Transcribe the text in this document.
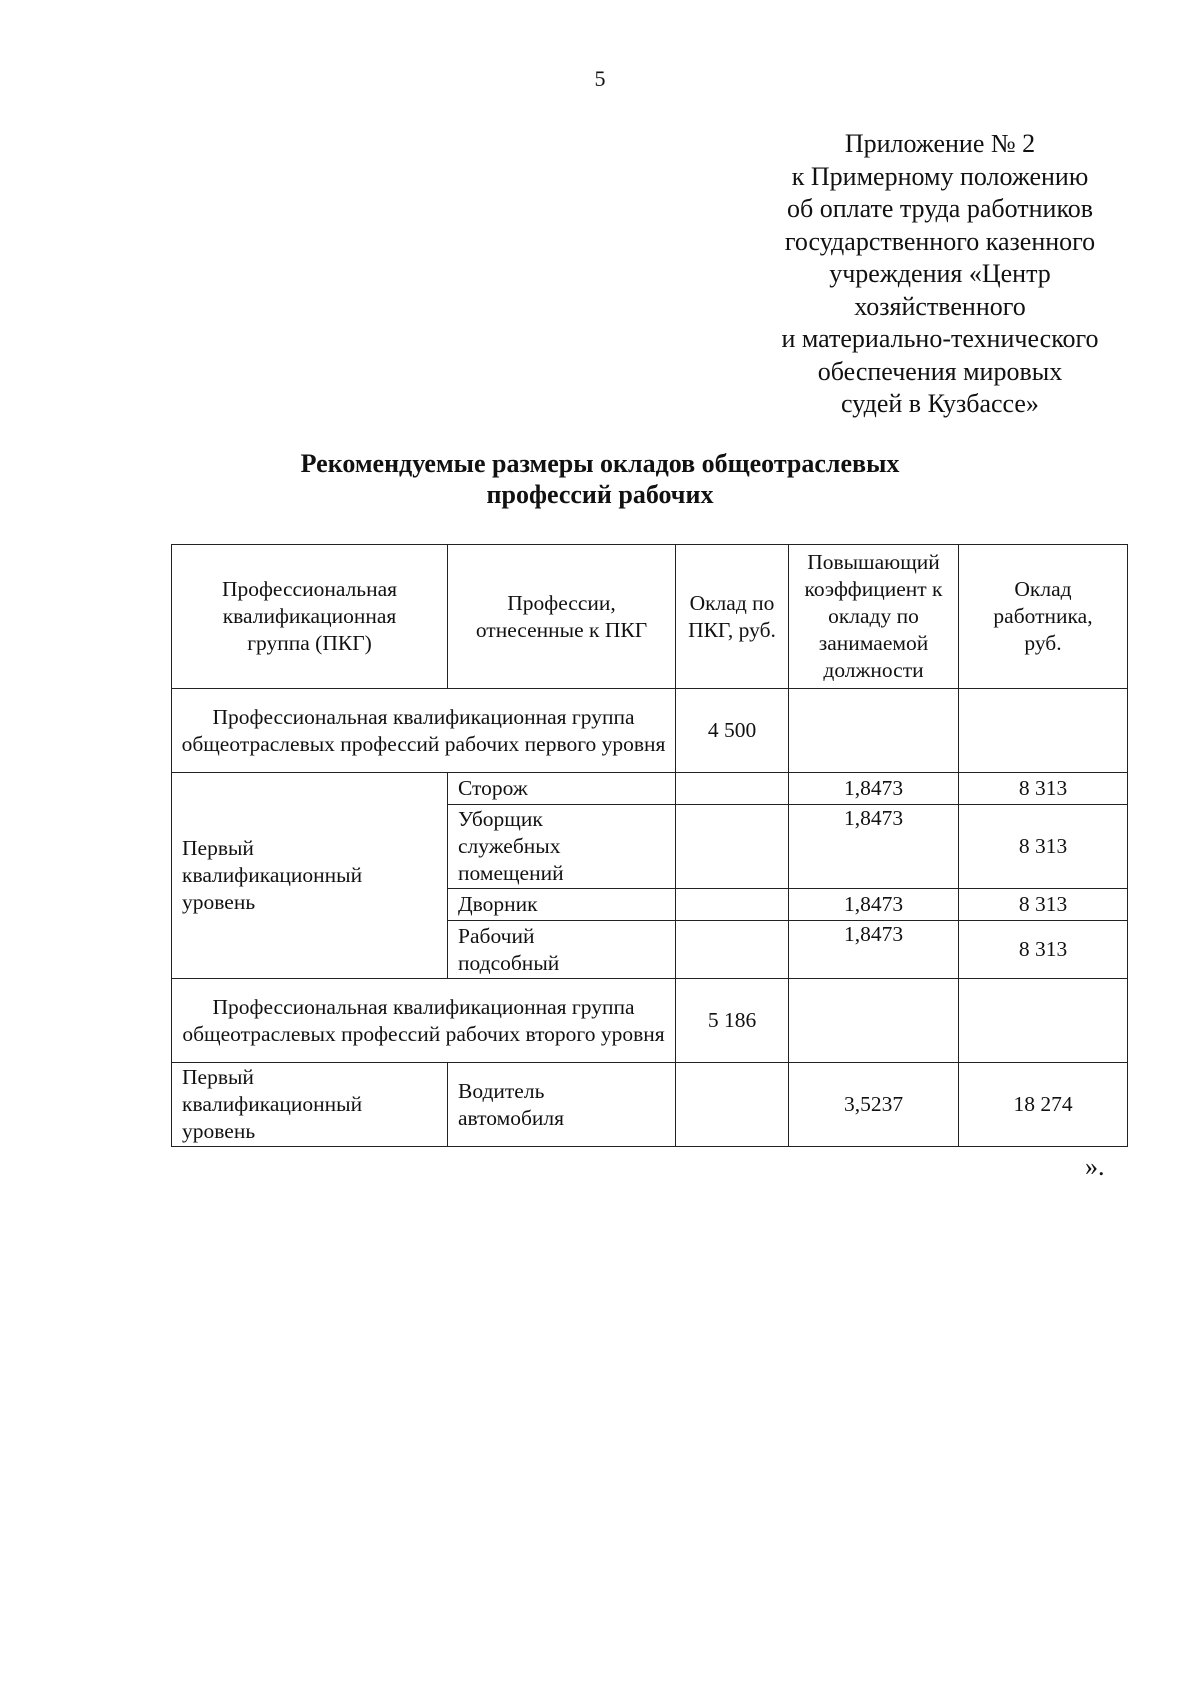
5
Приложение № 2
к Примерному положению
об оплате труда работников
государственного казенного
учреждения «Центр
хозяйственного
и материально-технического
обеспечения мировых
судей в Кузбассе»
Рекомендуемые размеры окладов общеотраслевых
профессий рабочих
Профессиональная квалификационная группа (ПКГ)	Профессии, отнесенные к ПКГ	Оклад по ПКГ, руб.	Повышающий коэффициент к окладу по занимаемой должности	Оклад работника, руб.
Профессиональная квалификационная группа общеотраслевых профессий рабочих первого уровня		4 500		
Первый квалификационный уровень	Сторож		1,8473	8 313
	Уборщик служебных помещений		1,8473	8 313
	Дворник		1,8473	8 313
	Рабочий подсобный		1,8473	8 313
Профессиональная квалификационная группа общеотраслевых профессий рабочих второго уровня		5 186		
Первый квалификационный уровень	Водитель автомобиля		3,5237	18 274
».
